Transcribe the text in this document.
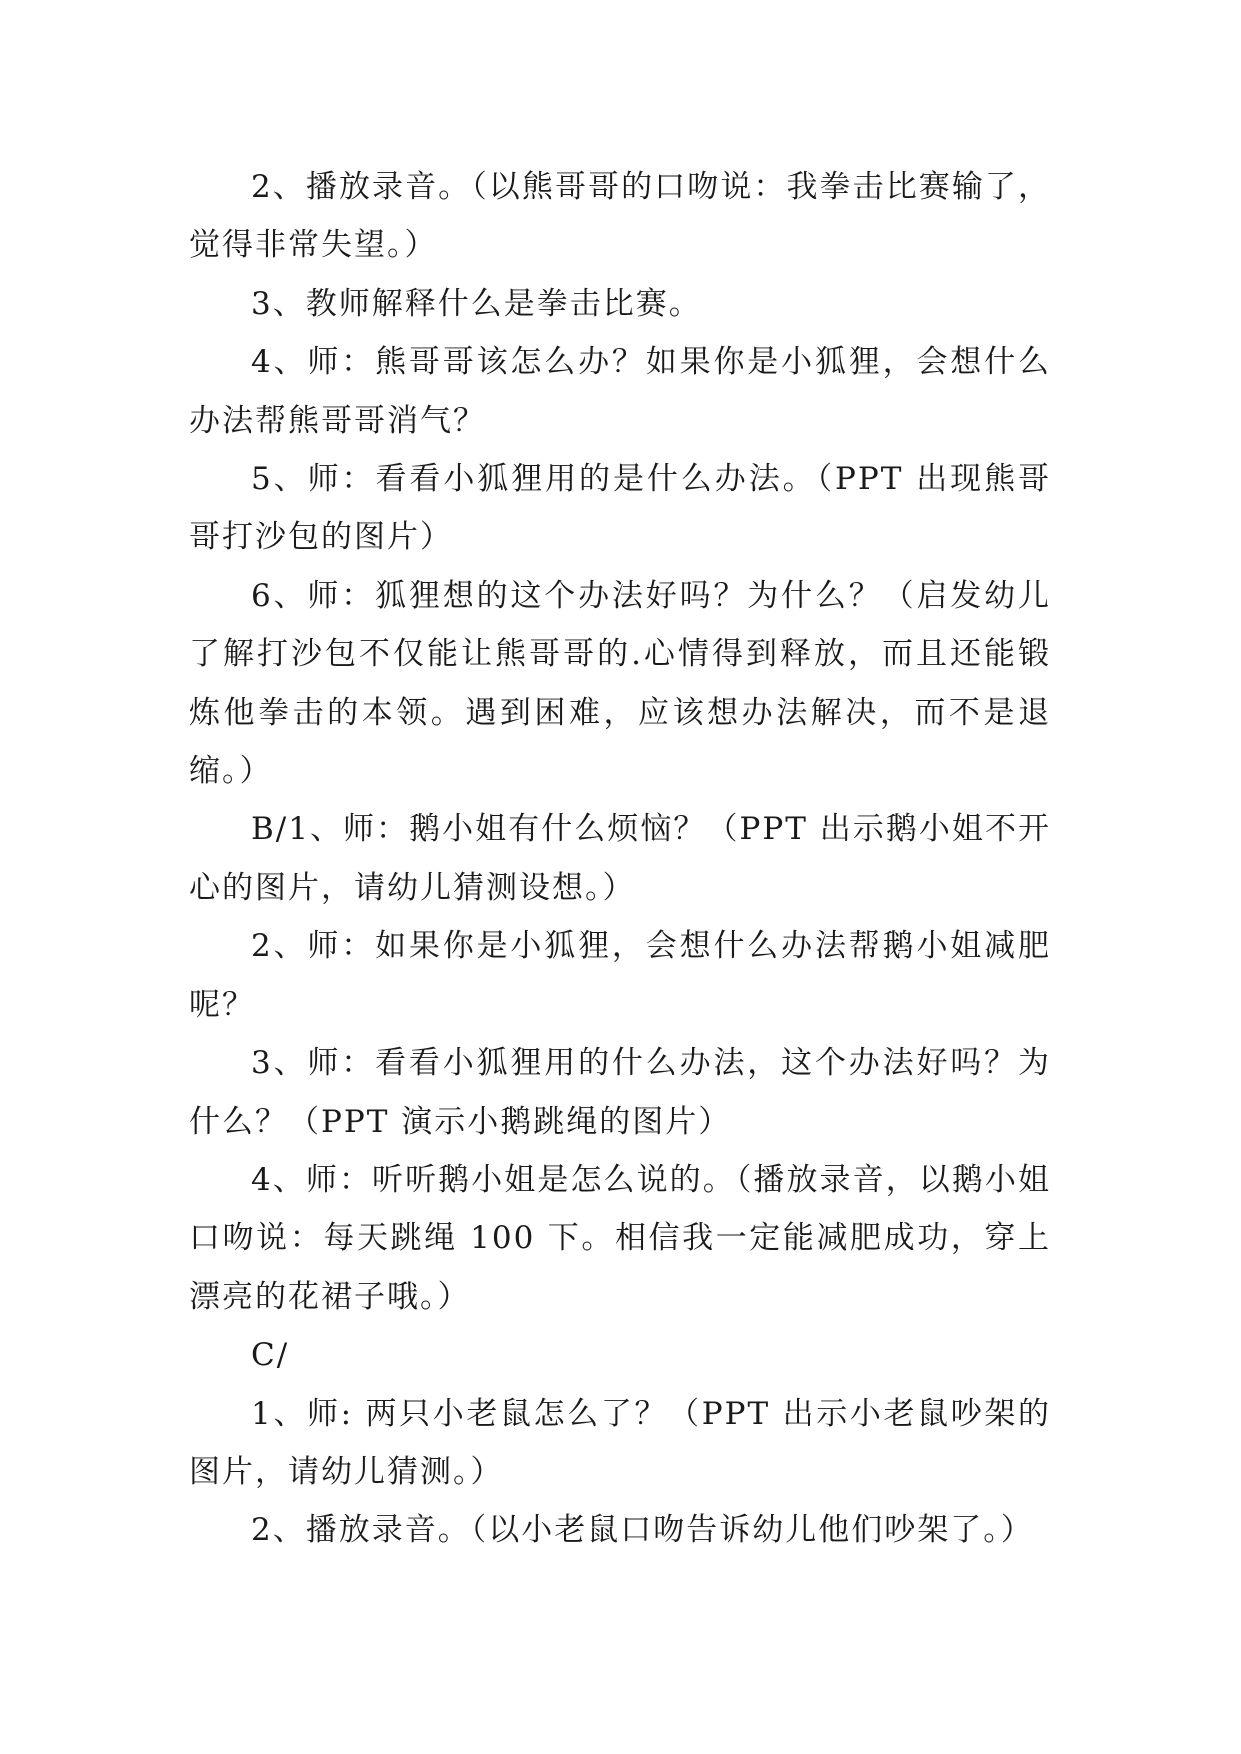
2、播放录音。（以熊哥哥的口吻说：我拳击比赛输了，觉得非常失望。）

3、教师解释什么是拳击比赛。

4、师：熊哥哥该怎么办？如果你是小狐狸，会想什么办法帮熊哥哥消气？

5、师：看看小狐狸用的是什么办法。（PPT 出现熊哥哥打沙包的图片）

6、师：狐狸想的这个办法好吗？为什么？（启发幼儿了解打沙包不仅能让熊哥哥的.心情得到释放，而且还能锻炼他拳击的本领。遇到困难，应该想办法解决，而不是退缩。）

B/1、师：鹅小姐有什么烦恼？（PPT 出示鹅小姐不开心的图片，请幼儿猜测设想。）

2、师：如果你是小狐狸，会想什么办法帮鹅小姐减肥呢？

3、师：看看小狐狸用的什么办法，这个办法好吗？为什么？（PPT 演示小鹅跳绳的图片）

4、师：听听鹅小姐是怎么说的。（播放录音，以鹅小姐口吻说：每天跳绳 100 下。相信我一定能减肥成功，穿上漂亮的花裙子哦。）

C/

1、师: 两只小老鼠怎么了？（PPT 出示小老鼠吵架的图片，请幼儿猜测。）

2、播放录音。（以小老鼠口吻告诉幼儿他们吵架了。）
